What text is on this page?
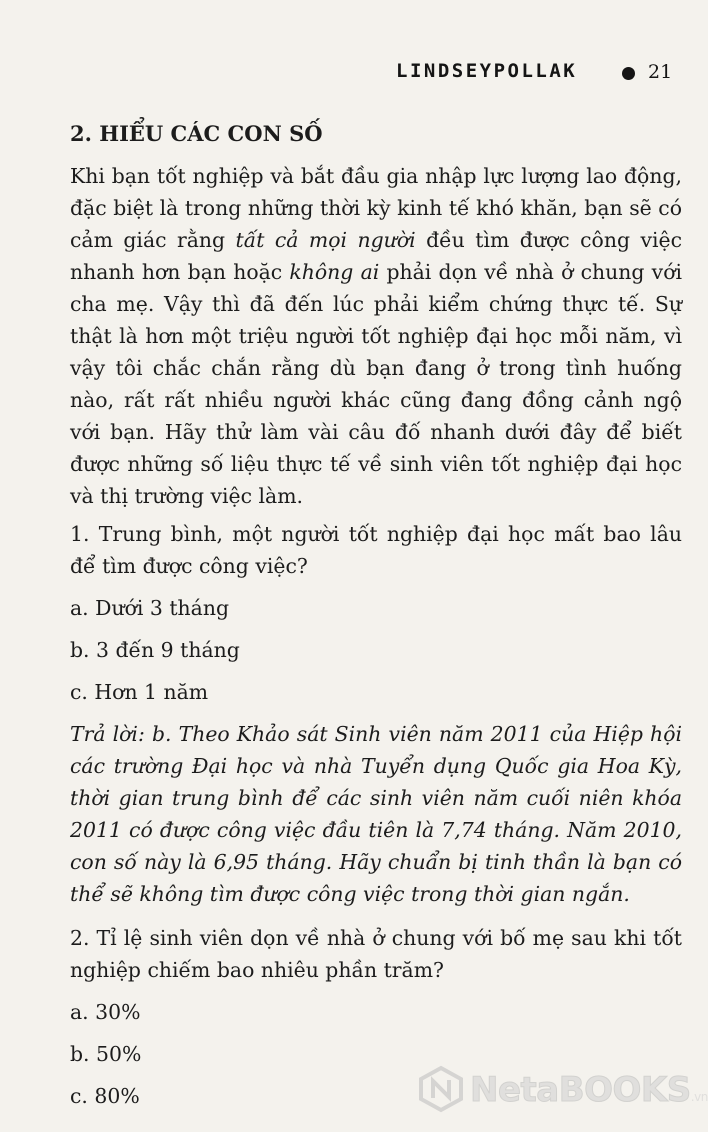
LINDSEYPOLLAK	21
2. HIỂU CÁC CON SỐ

Khi bạn tốt nghiệp và bắt đầu gia nhập lực lượng lao động, đặc biệt là trong những thời kỳ kinh tế khó khăn, bạn sẽ có cảm giác rằng tất cả mọi người đều tìm được công việc nhanh hơn bạn hoặc không ai phải dọn về nhà ở chung với cha mẹ. Vậy thì đã đến lúc phải kiểm chứng thực tế. Sự thật là hơn một triệu người tốt nghiệp đại học mỗi năm, vì vậy tôi chắc chắn rằng dù bạn đang ở trong tình huống nào, rất rất nhiều người khác cũng đang đồng cảnh ngộ với bạn. Hãy thử làm vài câu đố nhanh dưới đây để biết được những số liệu thực tế về sinh viên tốt nghiệp đại học và thị trường việc làm.

1. Trung bình, một người tốt nghiệp đại học mất bao lâu để tìm được công việc?

a. Dưới 3 tháng

b. 3 đến 9 tháng

c. Hơn 1 năm

Trả lời: b. Theo Khảo sát Sinh viên năm 2011 của Hiệp hội các trường Đại học và nhà Tuyển dụng Quốc gia Hoa Kỳ, thời gian trung bình để các sinh viên năm cuối niên khóa 2011 có được công việc đầu tiên là 7,74 tháng. Năm 2010, con số này là 6,95 tháng. Hãy chuẩn bị tinh thần là bạn có thể sẽ không tìm được công việc trong thời gian ngắn.

2. Tỉ lệ sinh viên dọn về nhà ở chung với bố mẹ sau khi tốt nghiệp chiếm bao nhiêu phần trăm?

a. 30%

b. 50%

c. 80%	NetaBOOKS.vn
